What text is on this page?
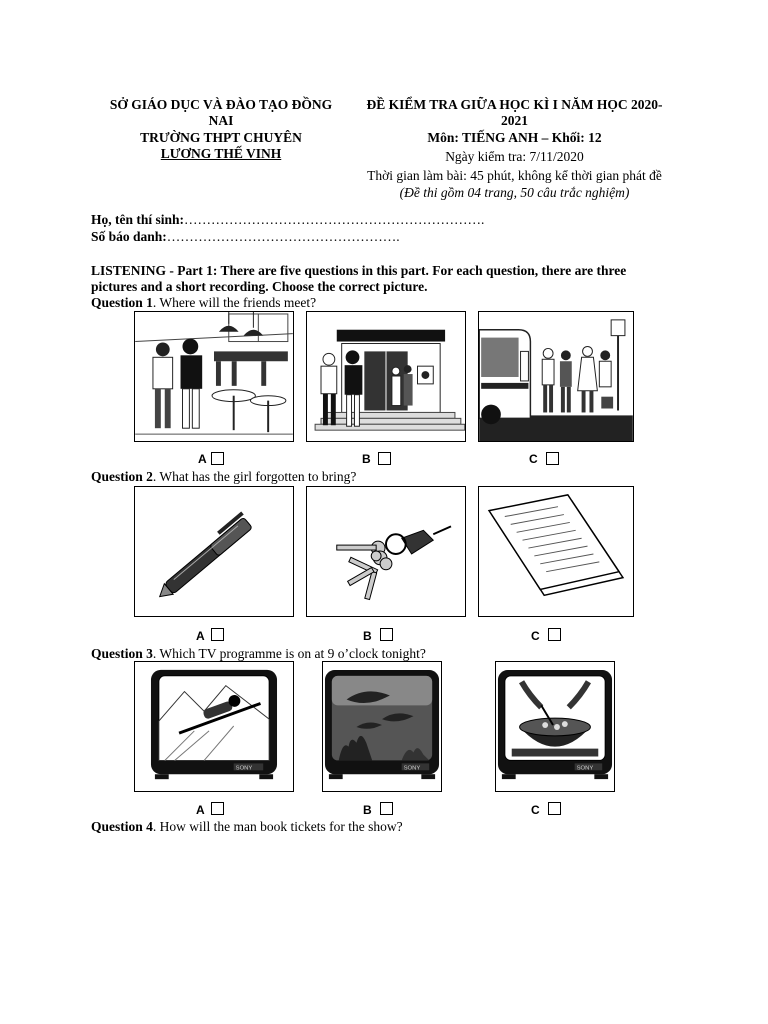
SỞ GIÁO DỤC VÀ ĐÀO TẠO ĐỒNG
NAI
TRƯỜNG THPT CHUYÊN
LƯƠNG THẾ VINH
ĐỀ KIỂM TRA GIỮA HỌC KÌ I NĂM HỌC 2020-
2021
Môn: TIẾNG ANH – Khối: 12
Ngày kiểm tra: 7/11/2020
Thời gian làm bài: 45 phút, không kể thời gian phát đề
(Đề thi gồm 04 trang, 50 câu trắc nghiệm)
Họ, tên thí sinh:………………………………………………………….
Số báo danh:…………………………………………….
LISTENING - Part 1: There are five questions in this part. For each question, there are three
pictures and a short recording. Choose the correct picture.
Question 1. Where will the friends meet?
A	B	C
Question 2. What has the girl forgotten to bring?
A	B	C
Question 3. Which TV programme is on at 9 o’clock tonight?
SONY	SONY	SONY
A	B	C
Question 4. How will the man book tickets for the show?
